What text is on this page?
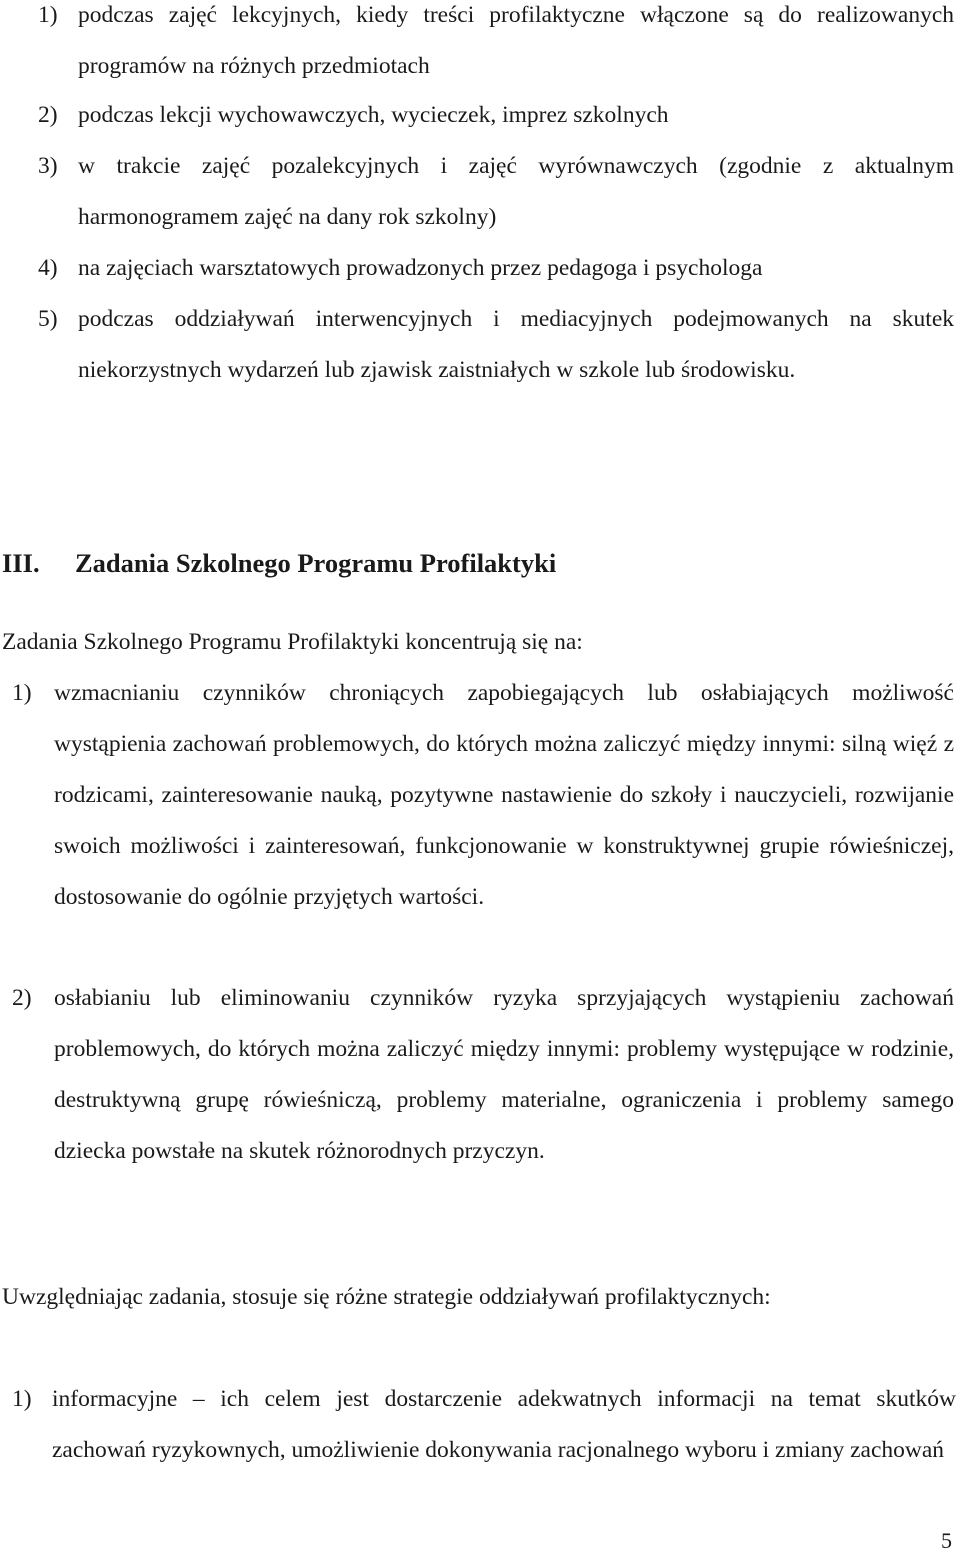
1) podczas zajęć lekcyjnych, kiedy treści profilaktyczne włączone są do realizowanych programów na różnych przedmiotach
2) podczas lekcji wychowawczych, wycieczek, imprez szkolnych
3) w trakcie zajęć pozalekcyjnych i zajęć wyrównawczych (zgodnie z aktualnym harmonogramem zajęć na dany rok szkolny)
4) na zajęciach warsztatowych prowadzonych przez pedagoga i psychologa
5) podczas oddziaływań interwencyjnych i mediacyjnych podejmowanych na skutek niekorzystnych wydarzeń lub zjawisk zaistniałych w szkole lub środowisku.
III. Zadania Szkolnego Programu Profilaktyki
Zadania Szkolnego Programu Profilaktyki koncentrują się na:
1) wzmacnianiu czynników chroniących zapobiegających lub osłabiających możliwość wystąpienia zachowań problemowych, do których można zaliczyć między innymi: silną więź z rodzicami, zainteresowanie nauką, pozytywne nastawienie do szkoły i nauczycieli, rozwijanie swoich możliwości i zainteresowań, funkcjonowanie w konstruktywnej grupie rówieśniczej, dostosowanie do ogólnie przyjętych wartości.
2) osłabianiu lub eliminowaniu czynników ryzyka sprzyjających wystąpieniu zachowań problemowych, do których można zaliczyć między innymi: problemy występujące w rodzinie, destruktywną grupę rówieśniczą, problemy materialne, ograniczenia i problemy samego dziecka powstałe na skutek różnorodnych przyczyn.
Uwzględniając zadania, stosuje się różne strategie oddziaływań profilaktycznych:
1) informacyjne – ich celem jest dostarczenie adekwatnych informacji na temat skutków zachowań ryzykownych, umożliwienie dokonywania racjonalnego wyboru i zmiany zachowań
5
